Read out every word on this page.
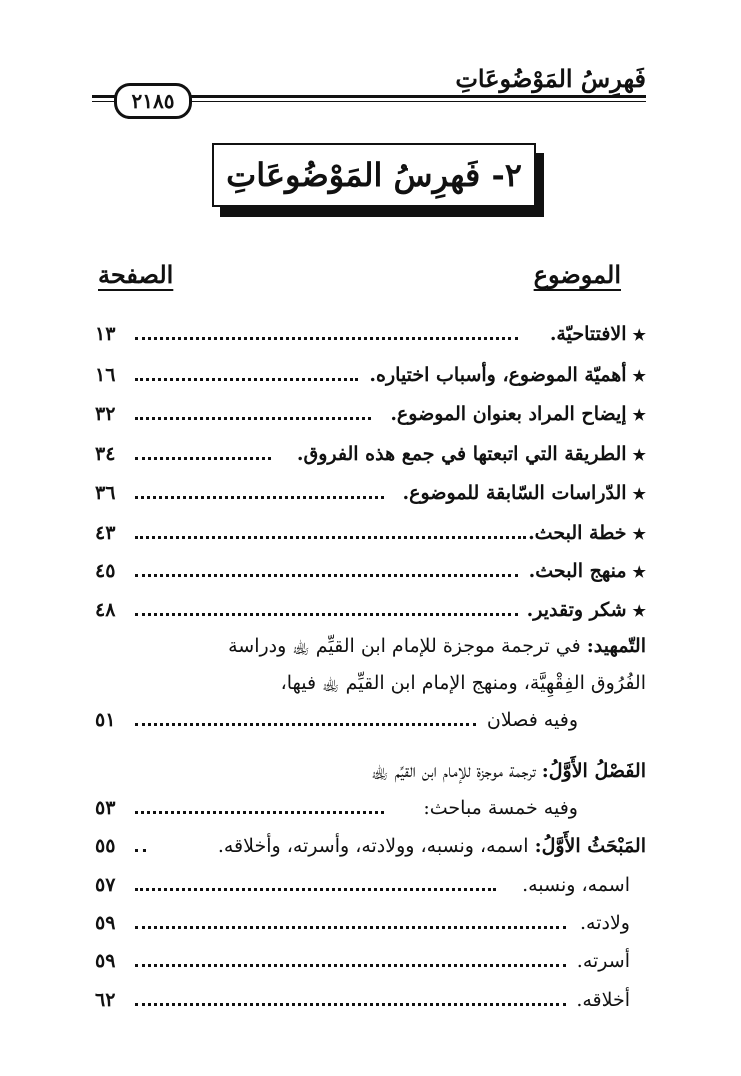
فَهرِسُ المَوْضُوعَاتِ
٢١٨٥
٢- فَهرِسُ المَوْضُوعَاتِ
الموضوع
الصفحة
★الافتتاحيّة.
١٣
★أهميّة الموضوع، وأسباب اختياره.
١٦
★إيضاح المراد بعنوان الموضوع.
٣٢
★الطريقة التي اتبعتها في جمع هذه الفروق.
٣٤
★الدّراسات السّابقة للموضوع.
٣٦
★خطة البحث.
٤٣
★منهج البحث.
٤٥
★شكر وتقدير.
٤٨
التّمهيد: في ترجمة موجزة للإمام ابن القيِّم ﵀ ودراسة
الفُرُوق الفِقْهِيَّة، ومنهج الإمام ابن القيِّم ﵀ فيها،
وفيه فصلان
٥١
الفَصْلُ الأَوَّلُ: ترجمة موجزة للإمام ابن القيِّم ﵀
وفيه خمسة مباحث:
٥٣
المَبْحَثُ الأَوَّلُ: اسمه، ونسبه، وولادته، وأسرته، وأخلاقه.
٥٥
اسمه، ونسبه.
٥٧
ولادته.
٥٩
أسرته.
٥٩
أخلاقه.
٦٢
